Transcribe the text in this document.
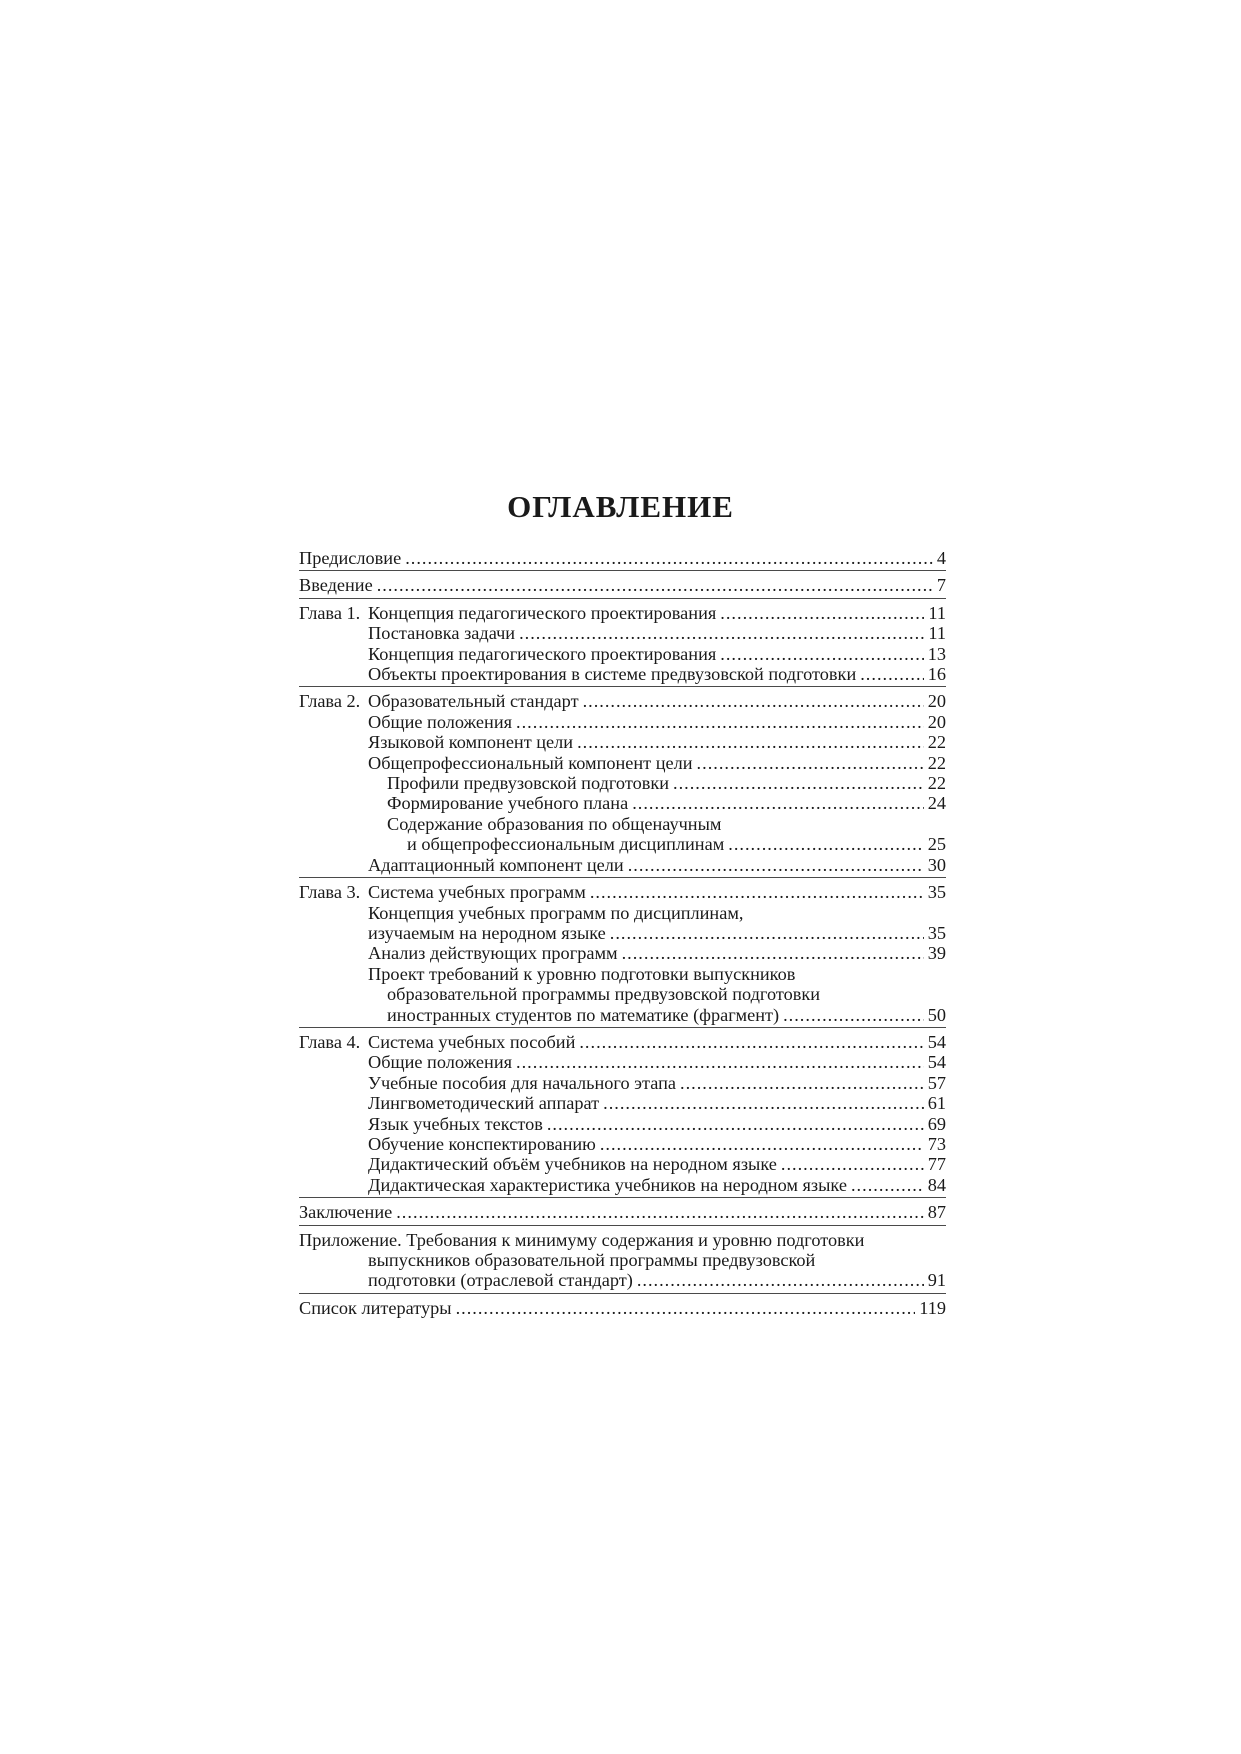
ОГЛАВЛЕНИЕ
Предисловие .....	4
Введение .....	7
Глава 1. Концепция педагогического проектирования .....	11
Постановка задачи .....	11
Концепция педагогического проектирования .....	13
Объекты проектирования в системе предвузовской подготовки .....	16
Глава 2. Образовательный стандарт .....	20
Общие положения .....	20
Языковой компонент цели .....	22
Общепрофессиональный компонент цели .....	22
Профили предвузовской подготовки .....	22
Формирование учебного плана .....	24
Содержание образования по общенаучным
и общепрофессиональным дисциплинам .....	25
Адаптационный компонент цели .....	30
Глава 3. Система учебных программ .....	35
Концепция учебных программ по дисциплинам,
изучаемым на неродном языке .....	35
Анализ действующих программ .....	39
Проект требований к уровню подготовки выпускников
образовательной программы предвузовской подготовки
иностранных студентов по математике (фрагмент) .....	50
Глава 4. Система учебных пособий .....	54
Общие положения .....	54
Учебные пособия для начального этапа .....	57
Лингвометодический аппарат .....	61
Язык учебных текстов .....	69
Обучение конспектированию .....	73
Дидактический объём учебников на неродном языке .....	77
Дидактическая характеристика учебников на неродном языке .....	84
Заключение .....	87
Приложение. Требования к минимуму содержания и уровню подготовки
выпускников образовательной программы предвузовской
подготовки (отраслевой стандарт) .....	91
Список литературы .....	119
